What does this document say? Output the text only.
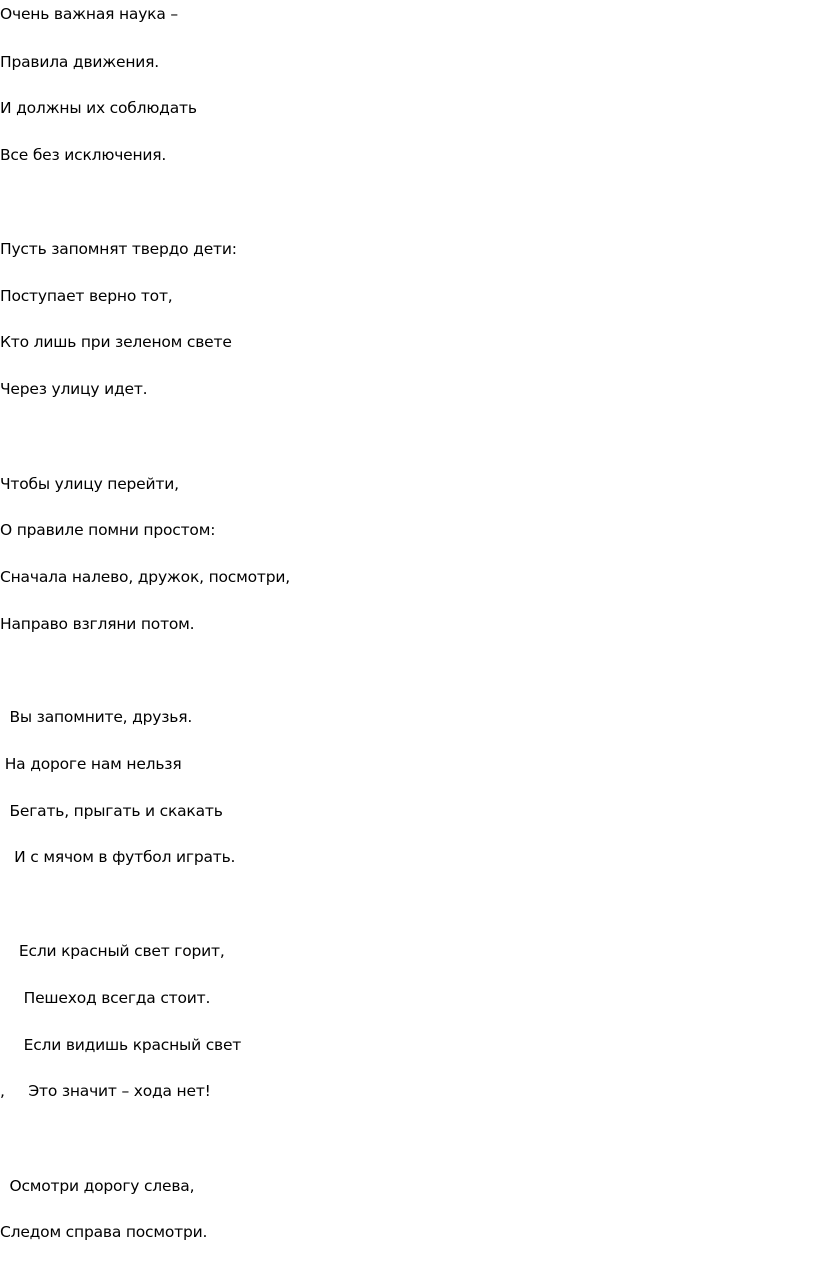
Очень важная наука –
Правила движения.
И должны их соблюдать
Все без исключения.
Пусть запомнят твердо дети:
Поступает верно тот,
Кто лишь при зеленом свете
Через улицу идет.
Чтобы улицу перейти,
О правиле помни простом:
Сначала налево, дружок, посмотри,
Направо взгляни потом.
Вы запомните, друзья.
На дороге нам нельзя
Бегать, прыгать и скакать
И с мячом в футбол играть.
Если красный свет горит,
Пешеход всегда стоит.
Если видишь красный свет
,     Это значит – хода нет!
Осмотри дорогу слева,
Следом справа посмотри.
